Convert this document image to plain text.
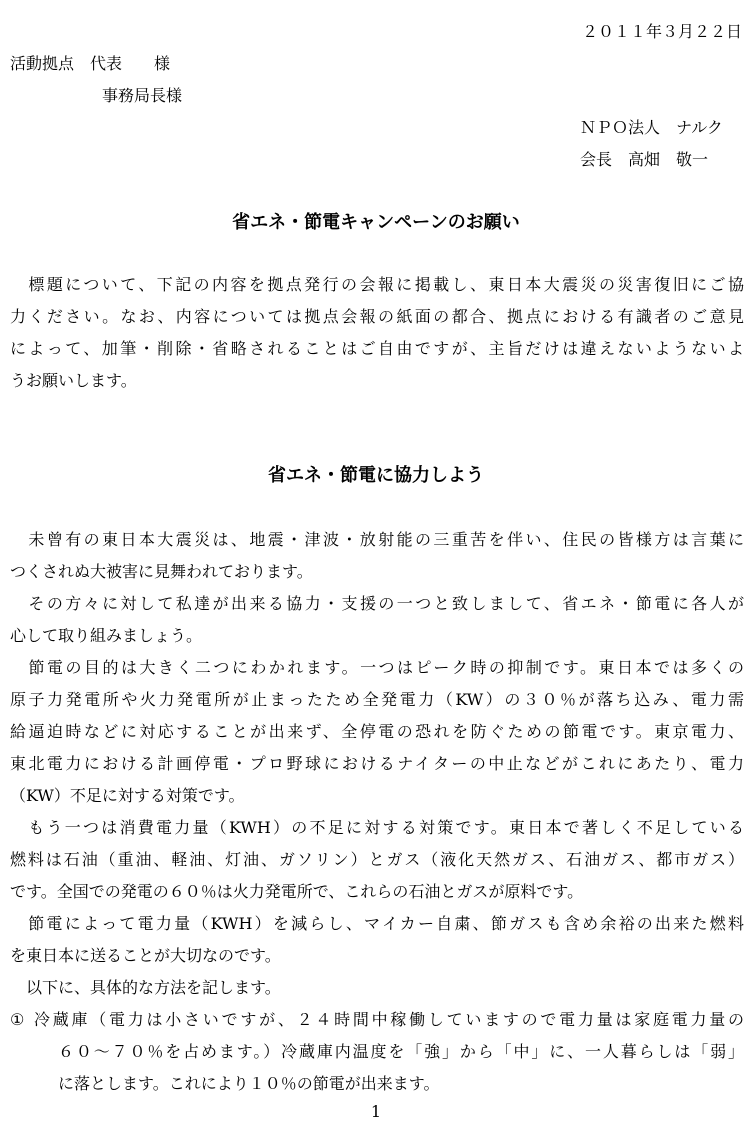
２０１１年３月２２日
活動拠点　代表　　様
事務局長様
ＮＰＯ法人　ナルク
会長　高畑　敬一
省エネ・節電キャンペーンのお願い
　標題について、下記の内容を拠点発行の会報に掲載し、東日本大震災の災害復旧にご協
力ください。なお、内容については拠点会報の紙面の都合、拠点における有識者のご意見
によって、加筆・削除・省略されることはご自由ですが、主旨だけは違えないようないよ
うお願いします。
省エネ・節電に協力しよう
　未曾有の東日本大震災は、地震・津波・放射能の三重苦を伴い、住民の皆様方は言葉に
つくされぬ大被害に見舞われております。
　その方々に対して私達が出来る協力・支援の一つと致しまして、省エネ・節電に各人が
心して取り組みましょう。
　節電の目的は大きく二つにわかれます。一つはピーク時の抑制です。東日本では多くの
原子力発電所や火力発電所が止まったため全発電力（KW）の３０％が落ち込み、電力需
給逼迫時などに対応することが出来ず、全停電の恐れを防ぐための節電です。東京電力、
東北電力における計画停電・プロ野球におけるナイターの中止などがこれにあたり、電力
（KW）不足に対する対策です。
　もう一つは消費電力量（KWH）の不足に対する対策です。東日本で著しく不足している
燃料は石油（重油、軽油、灯油、ガソリン）とガス（液化天然ガス、石油ガス、都市ガス）
です。全国での発電の６０％は火力発電所で、これらの石油とガスが原料です。
　節電によって電力量（KWH）を減らし、マイカー自粛、節ガスも含め余裕の出来た燃料
を東日本に送ることが大切なのです。
　以下に、具体的な方法を記します。
① 冷蔵庫（電力は小さいですが、２４時間中稼働していますので電力量は家庭電力量の
６０～７０％を占めます。）冷蔵庫内温度を「強」から「中」に、一人暮らしは「弱」
に落とします。これにより１０％の節電が出来ます。
1
